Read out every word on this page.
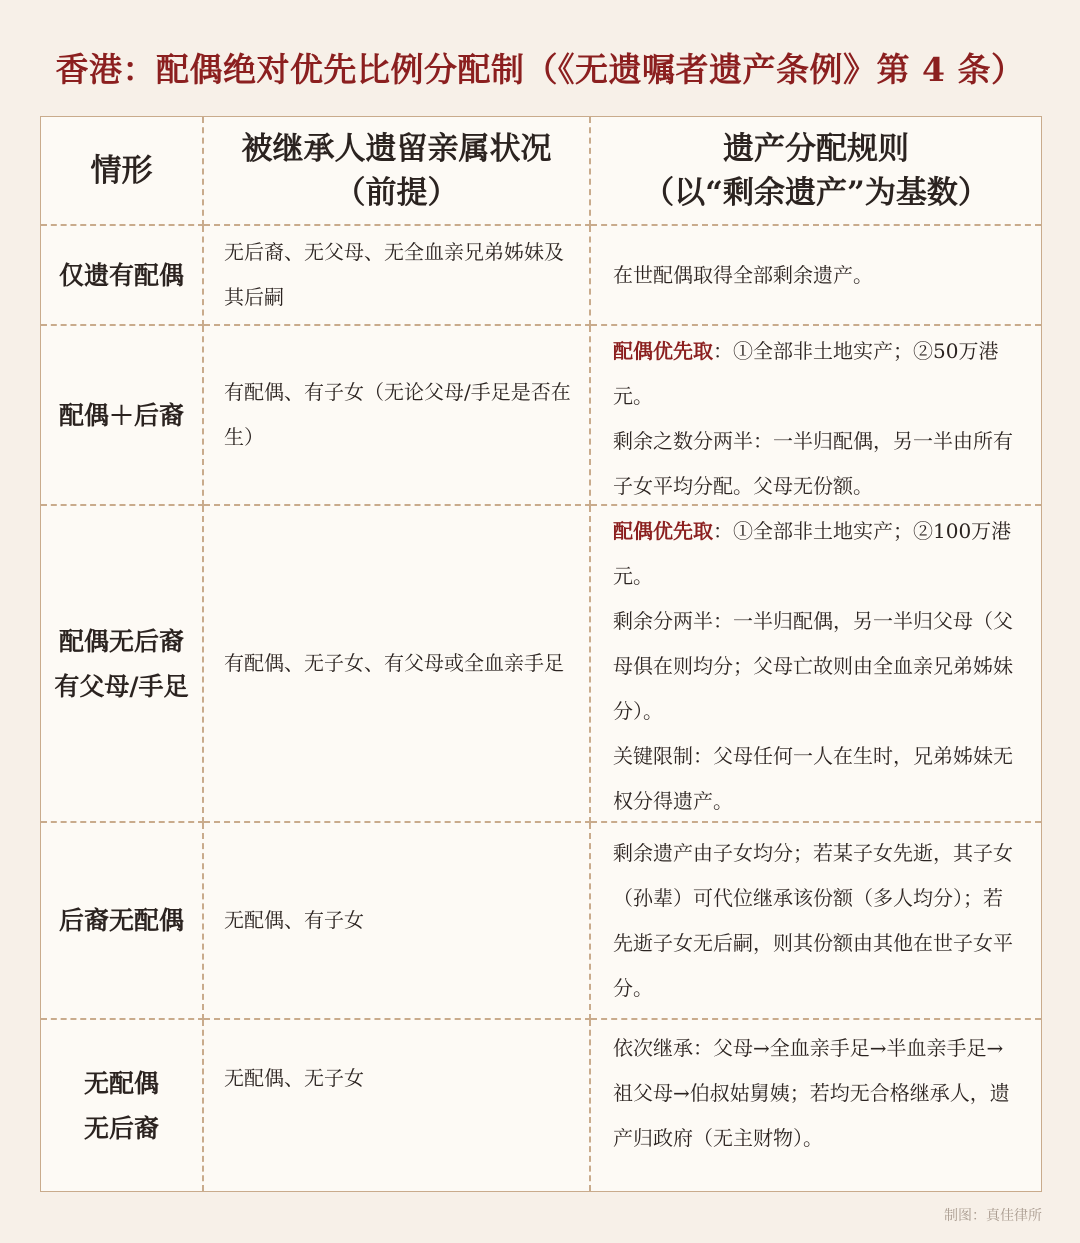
香港：配偶绝对优先比例分配制（《无遗嘱者遗产条例》第 4 条）
情形
被继承人遗留亲属状况
（前提）
遗产分配规则
（以“剩余遗产”为基数）
仅遗有配偶
无后裔、无父母、无全血亲兄弟姊妹及其后嗣
在世配偶取得全部剩余遗产。
配偶＋后裔
有配偶、有子女（无论父母/手足是否在生）
配偶优先取：①全部非土地实产；②50万港元。
剩余之数分两半：一半归配偶，另一半由所有子女平均分配。父母无份额。
配偶无后裔
有父母/手足
有配偶、无子女、有父母或全血亲手足
配偶优先取：①全部非土地实产；②100万港元。
剩余分两半：一半归配偶，另一半归父母（父母俱在则均分；父母亡故则由全血亲兄弟姊妹分）。
关键限制：父母任何一人在生时，兄弟姊妹无权分得遗产。
后裔无配偶 无配偶、有子女
剩余遗产由子女均分；若某子女先逝，其子女（孙辈）可代位继承该份额（多人均分）；若先逝子女无后嗣，则其份额由其他在世子女平分。
无配偶
无后裔
无配偶、无子女
依次继承：父母→全血亲手足→半血亲手足→祖父母→伯叔姑舅姨；若均无合格继承人，遗产归政府（无主财物）。
制图：真佳律所
